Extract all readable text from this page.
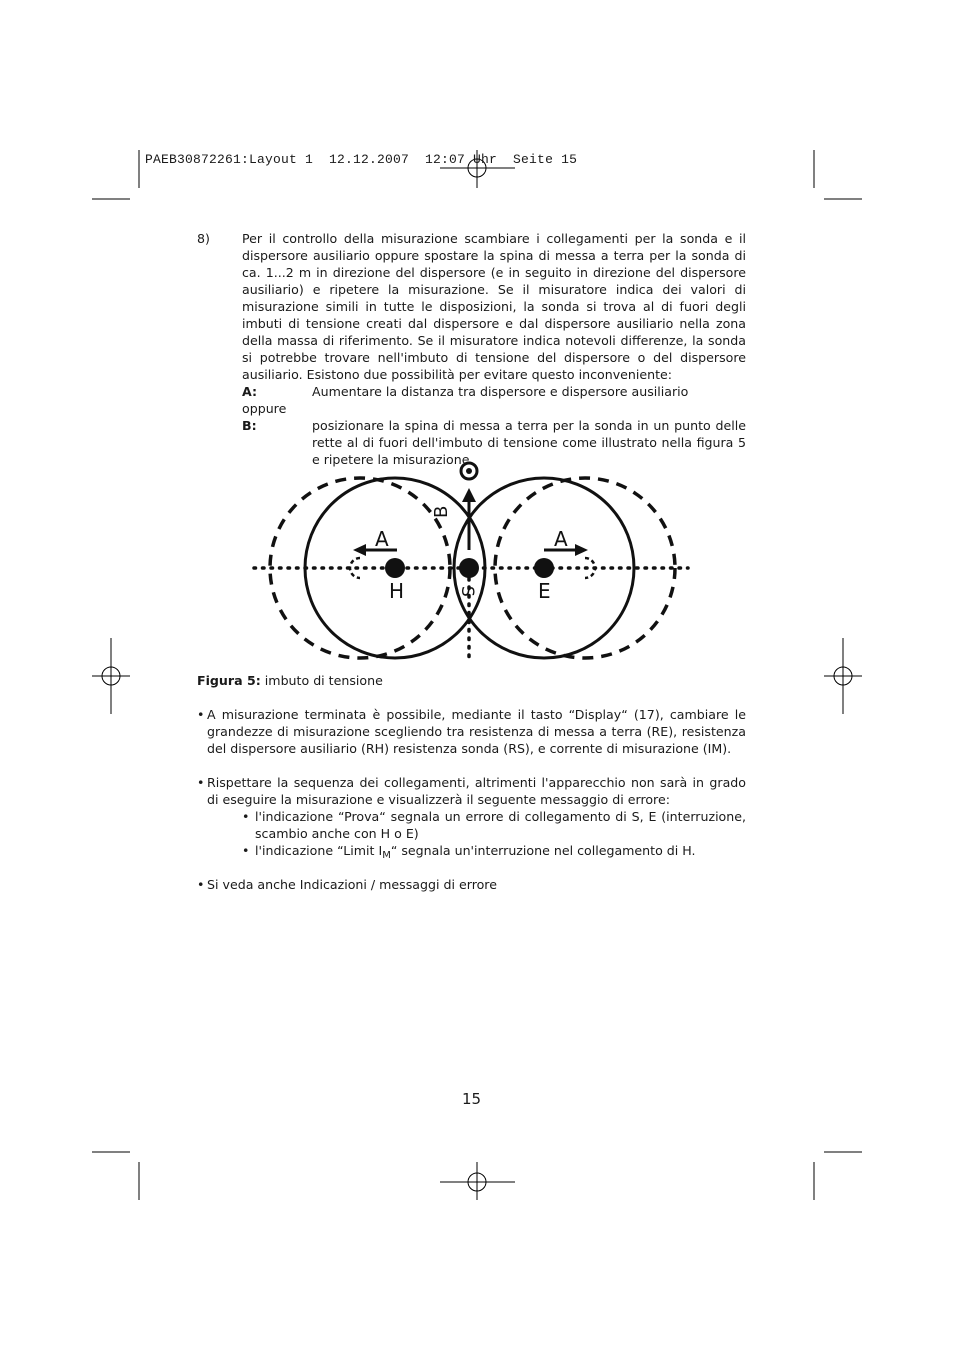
PAEB30872261:Layout 1  12.12.2007  12:07 Uhr  Seite 15
8)	Per il controllo della misurazione scambiare i collegamenti per la sonda e il dispersore ausiliario oppure spostare la spina di messa a terra per la sonda di ca. 1...2 m in direzione del dispersore (e in seguito in direzione del dispersore ausiliario) e ripetere la misurazione. Se il misuratore indica dei valori di misurazione simili in tutte le disposizioni, la sonda si trova al di fuori degli imbuti di tensione creati dal dispersore e dal dispersore ausiliario nella zona della massa di riferimento. Se il misuratore indica notevoli differenze, la sonda si potrebbe trovare nell'imbuto di tensione del dispersore o del dispersore ausiliario. Esistono due possibilità per evitare questo inconveniente:

A:	Aumentare la distanza tra dispersore e dispersore ausiliario
oppure
B:	posizionare la spina di messa a terra per la sonda in un punto delle rette al di fuori dell'imbuto di tensione come illustrato nella figura 5 e ripetere la misurazione.
H	E
A	A
S
B
Figura 5: imbuto di tensione
• A misurazione terminata è possibile, mediante il tasto “Display“ (17), cambiare le grandezze di misurazione scegliendo tra resistenza di messa a terra (RE), resistenza del dispersore ausiliario (RH) resistenza sonda (RS), e corrente di misurazione (IM).
• Rispettare la sequenza dei collegamenti, altrimenti l'apparecchio non sarà in grado di eseguire la misurazione e visualizzerà il seguente messaggio di errore:
• l'indicazione “Prova“ segnala un errore di collegamento di S, E (interruzione, scambio anche con H o E)
• l'indicazione “Limit $I_M“$ segnala un'interruzione nel collegamento di H.
• Si veda anche Indicazioni / messaggi di errore
15
